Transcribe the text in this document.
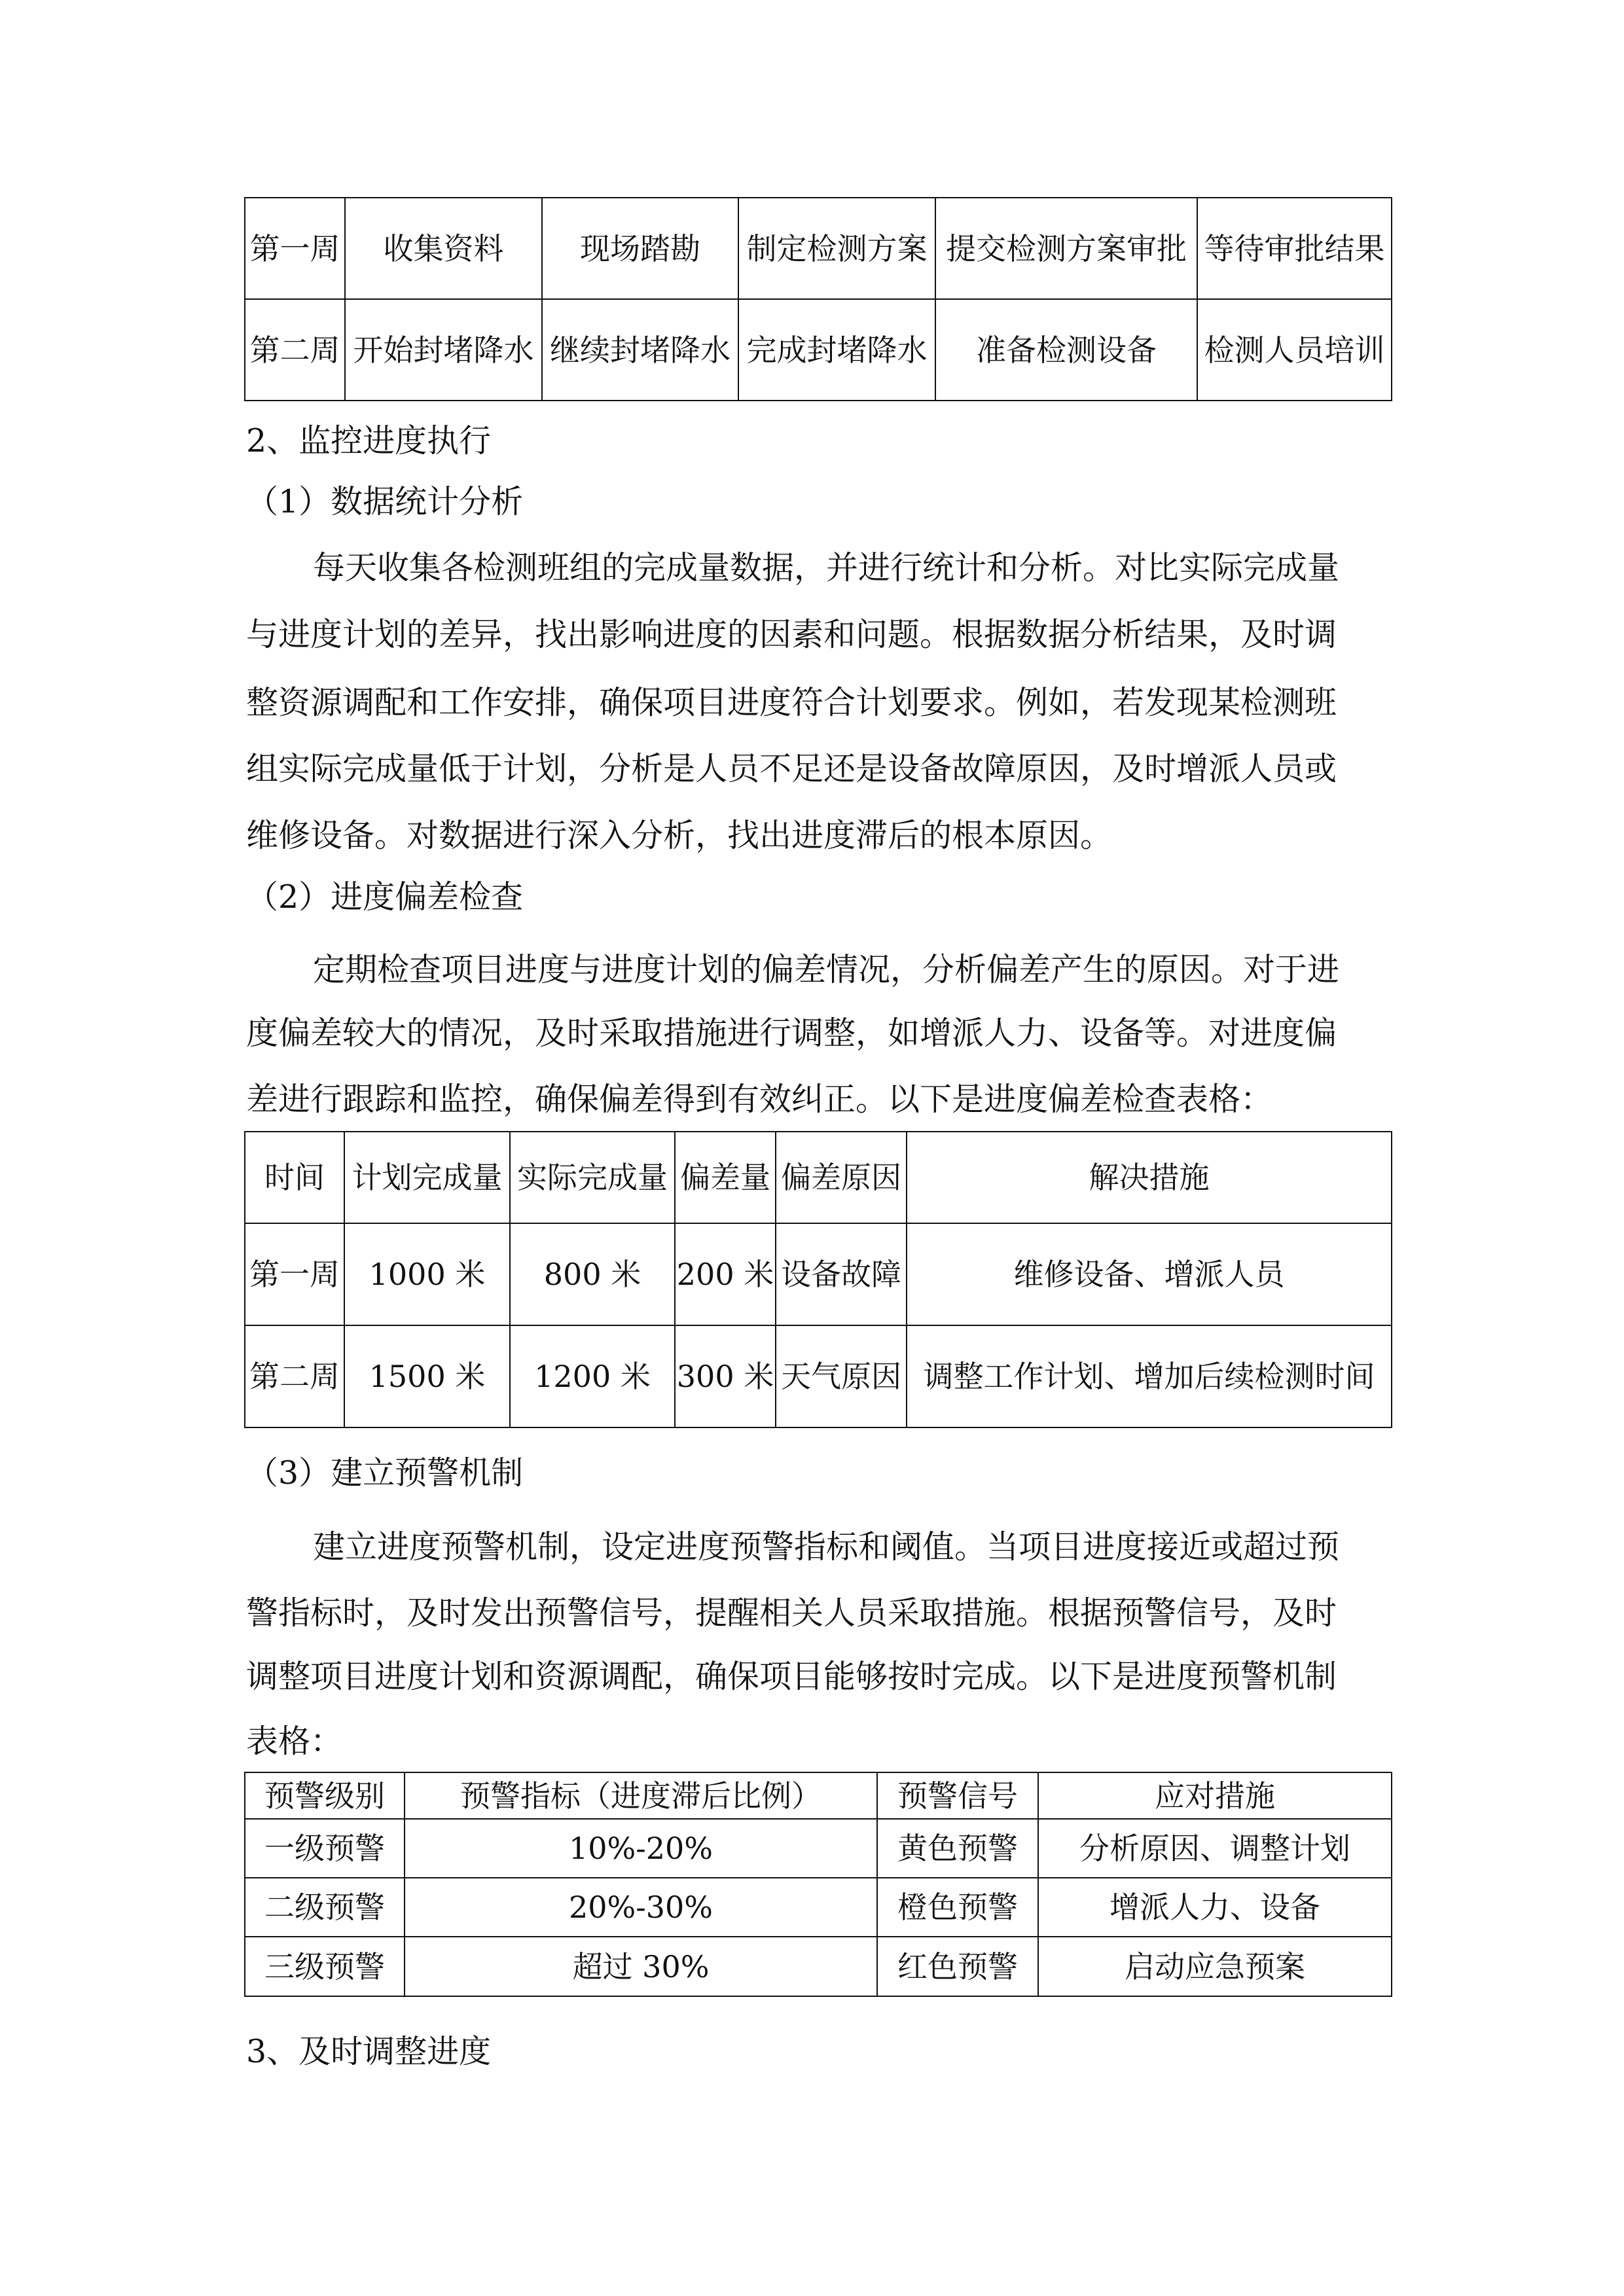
第一周	收集资料	现场踏勘	制定检测方案	提交检测方案审批	等待审批结果
第二周	开始封堵降水	继续封堵降水	完成封堵降水	准备检测设备	检测人员培训
2、监控进度执行
（1）数据统计分析
每天收集各检测班组的完成量数据，并进行统计和分析。对比实际完成量
与进度计划的差异，找出影响进度的因素和问题。根据数据分析结果，及时调
整资源调配和工作安排，确保项目进度符合计划要求。例如，若发现某检测班
组实际完成量低于计划，分析是人员不足还是设备故障原因，及时增派人员或
维修设备。对数据进行深入分析，找出进度滞后的根本原因。
（2）进度偏差检查
定期检查项目进度与进度计划的偏差情况，分析偏差产生的原因。对于进
度偏差较大的情况，及时采取措施进行调整，如增派人力、设备等。对进度偏
差进行跟踪和监控，确保偏差得到有效纠正。以下是进度偏差检查表格：
时间	计划完成量	实际完成量	偏差量	偏差原因	解决措施
第一周	1000 米	800 米	200 米	设备故障	维修设备、增派人员
第二周	1500 米	1200 米	300 米	天气原因	调整工作计划、增加后续检测时间
（3）建立预警机制
建立进度预警机制，设定进度预警指标和阈值。当项目进度接近或超过预
警指标时，及时发出预警信号，提醒相关人员采取措施。根据预警信号，及时
调整项目进度计划和资源调配，确保项目能够按时完成。以下是进度预警机制
表格：
预警级别	预警指标（进度滞后比例）	预警信号	应对措施
一级预警	10%-20%	黄色预警	分析原因、调整计划
二级预警	20%-30%	橙色预警	增派人力、设备
三级预警	超过 30%	红色预警	启动应急预案
3、及时调整进度
